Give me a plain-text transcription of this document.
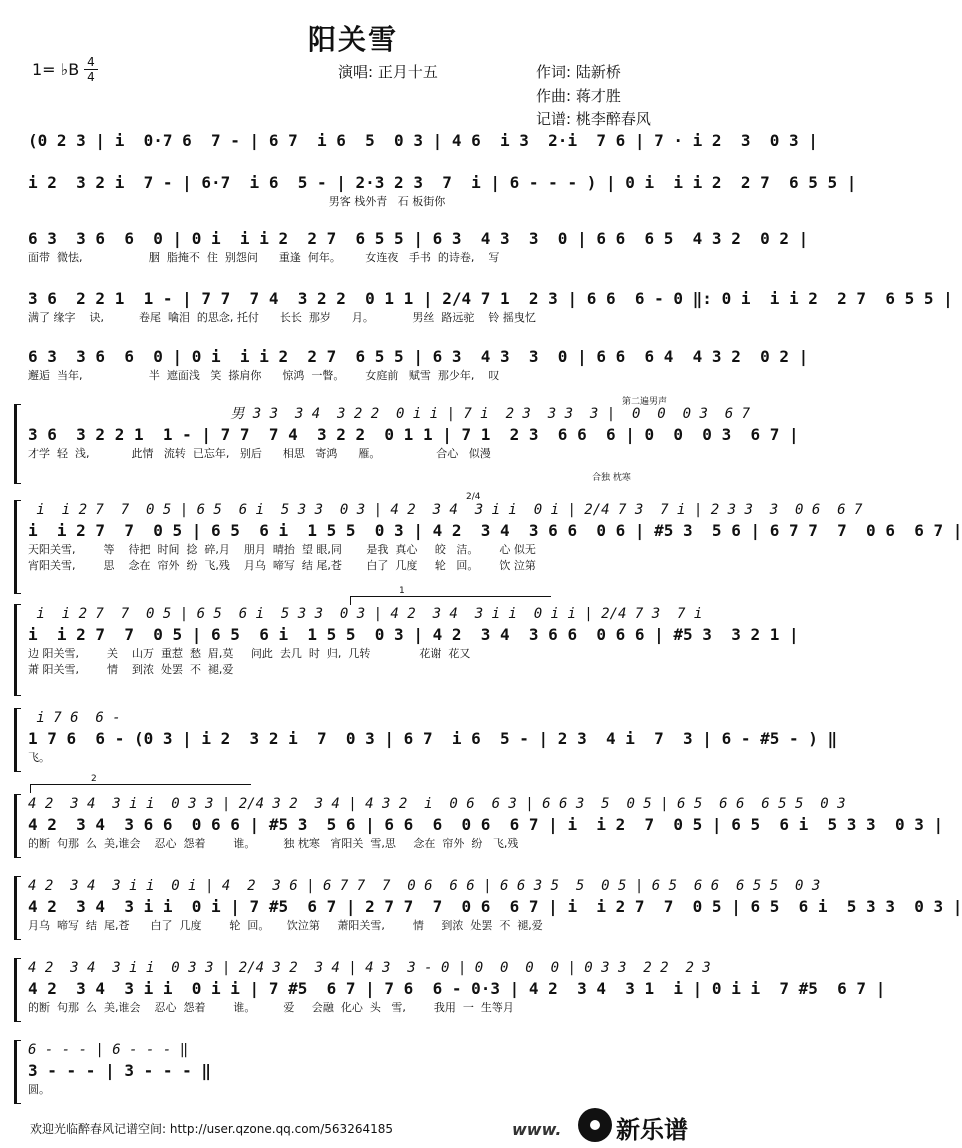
阳关雪
1= ♭B 4
4	演唱: 正月十五	作词: 陆新桥
作曲: 蒋才胜
记谱: 桃李醉春风
(0 2 3 | i  0·7 6  7 - | 6 7  i 6  5  0 3 | 4 6  i 3  2·i  7 6 | 7 · i 2  3  0 3 |
i 2  3 2 i  7 - | 6·7  i 6  5 - | 2·3 2 3  7  i | 6 - - - ) | 0 i  i i 2  2 7  6 5 5 |
男客 栈外青   石 板街你
6 3  3 6  6  0 | 0 i  i i 2  2 7  6 5 5 | 6 3  4 3  3  0 | 6 6  6 5  4 3 2  0 2 |
面带  微怯,                   胭  脂掩不  住  别怨问      重逢  何年。       女连夜   手书  的诗卷,    写
3 6  2 2 1  1 - | 7 7  7 4  3 2 2  0 1 1 | 2/4 7 1  2 3 | 6 6  6 - 0 ‖: 0 i  i i 2  2 7  6 5 5 |
满了 缘字    诀,          卷尾  噙泪  的思念, 托付      长长  那岁      月。           男丝  路远驼    铃 摇曳忆
6 3  3 6  6  0 | 0 i  i i 2  2 7  6 5 5 | 6 3  4 3  3  0 | 6 6  6 4  4 3 2  0 2 |
邂逅  当年,                   半  遮面浅   笑  搽肩你      惊鸿  一瞥。      女庭前   赋雪  那少年,    叹
第二遍男声
男 3 3  3 4  3 2 2  0 i i | 7 i  2 3  3 3  3 |  0  0  0 3  6 7
3 6  3 2 2 1  1 - | 7 7  7 4  3 2 2  0 1 1 | 7 1  2 3  6 6  6 | 0  0  0 3  6 7 |
才学  轻  浅,            此情   流转  已忘年,   别后      相思   寄鸿      雁。                合心   似漫
合独 枕寒
2/4
i  i 2 7  7  0 5 | 6 5  6 i  5 3 3  0 3 | 4 2  3 4  3 i i  0 i | 2/4 7 3  7 i | 2 3 3  3  0 6  6 7
i  i 2 7  7  0 5 | 6 5  6 i  1 5 5  0 3 | 4 2  3 4  3 6 6  0 6 | #5 3  5 6 | 6 7 7  7  0 6  6 7 |
天阳关雪,        等    待把  时间  捻  碎,月    朋月  晴抬  望 眼,同       是我  真心     皎   洁。      心 似无
宵阳关雪,        思    念在  帘外  纷  飞,残    月乌  啼写  结 尾,苍       白了  几度     轮   回。      饮 泣第
1
i  i 2 7  7  0 5 | 6 5  6 i  5 3 3  0 3 | 4 2  3 4  3 i i  0 i i | 2/4 7 3  7 i
i  i 2 7  7  0 5 | 6 5  6 i  1 5 5  0 3 | 4 2  3 4  3 6 6  0 6 6 | #5 3  3 2 1 |
边 阳关雪,        关    山万  重惹  愁  眉,莫     问此  去几  时  归,  几转              花谢  花又
萧 阳关雪,        情    到浓  处罢  不  褪,爱
i 7 6  6 -
1 7 6  6 - (0 3 | i 2  3 2 i  7  0 3 | 6 7  i 6  5 - | 2 3  4 i  7  3 | 6 - #5 - ) ‖
飞。
2
4 2  3 4  3 i i  0 3 3 | 2/4 3 2  3 4 | 4 3 2  i  0 6  6 3 | 6 6 3  5  0 5 | 6 5  6 6  6 5 5  0 3
4 2  3 4  3 6 6  0 6 6 | #5 3  5 6 | 6 6  6  0 6  6 7 | i  i 2  7  0 5 | 6 5  6 i  5 3 3  0 3 |
的断  句那  么  美,谁会    忍心  怨着        谁。        独 枕寒   宵阳关  雪,思     念在  帘外  纷   飞,残
4 2  3 4  3 i i  0 i | 4  2  3 6 | 6 7 7  7  0 6  6 6 | 6 6 3 5  5  0 5 | 6 5  6 6  6 5 5  0 3
4 2  3 4  3 i i  0 i | 7 #5  6 7 | 2 7 7  7  0 6  6 7 | i  i 2 7  7  0 5 | 6 5  6 i  5 3 3  0 3 |
月乌  啼写  结  尾,苍      白了  几度        轮  回。     饮泣第     萧阳关雪,        情     到浓  处罢  不  褪,爱
4 2  3 4  3 i i  0 3 3 | 2/4 3 2  3 4 | 4 3  3 - 0 | 0  0  0  0 | 0 3 3  2 2  2 3
4 2  3 4  3 i i  0 i i | 7 #5  6 7 | 7 6  6 - 0·3 | 4 2  3 4  3 1  i | 0 i i  7 #5  6 7 |
的断  句那  么  美,谁会    忍心  怨着        谁。        爱     会融  化心  头   雪,        我用  一  生等月
6 - - - | 6 - - - ‖
3 - - - | 3 - - - ‖
圆。
欢迎光临醉春风记谱空间: http://user.qzone.qq.com/563264185	www. 新乐谱
